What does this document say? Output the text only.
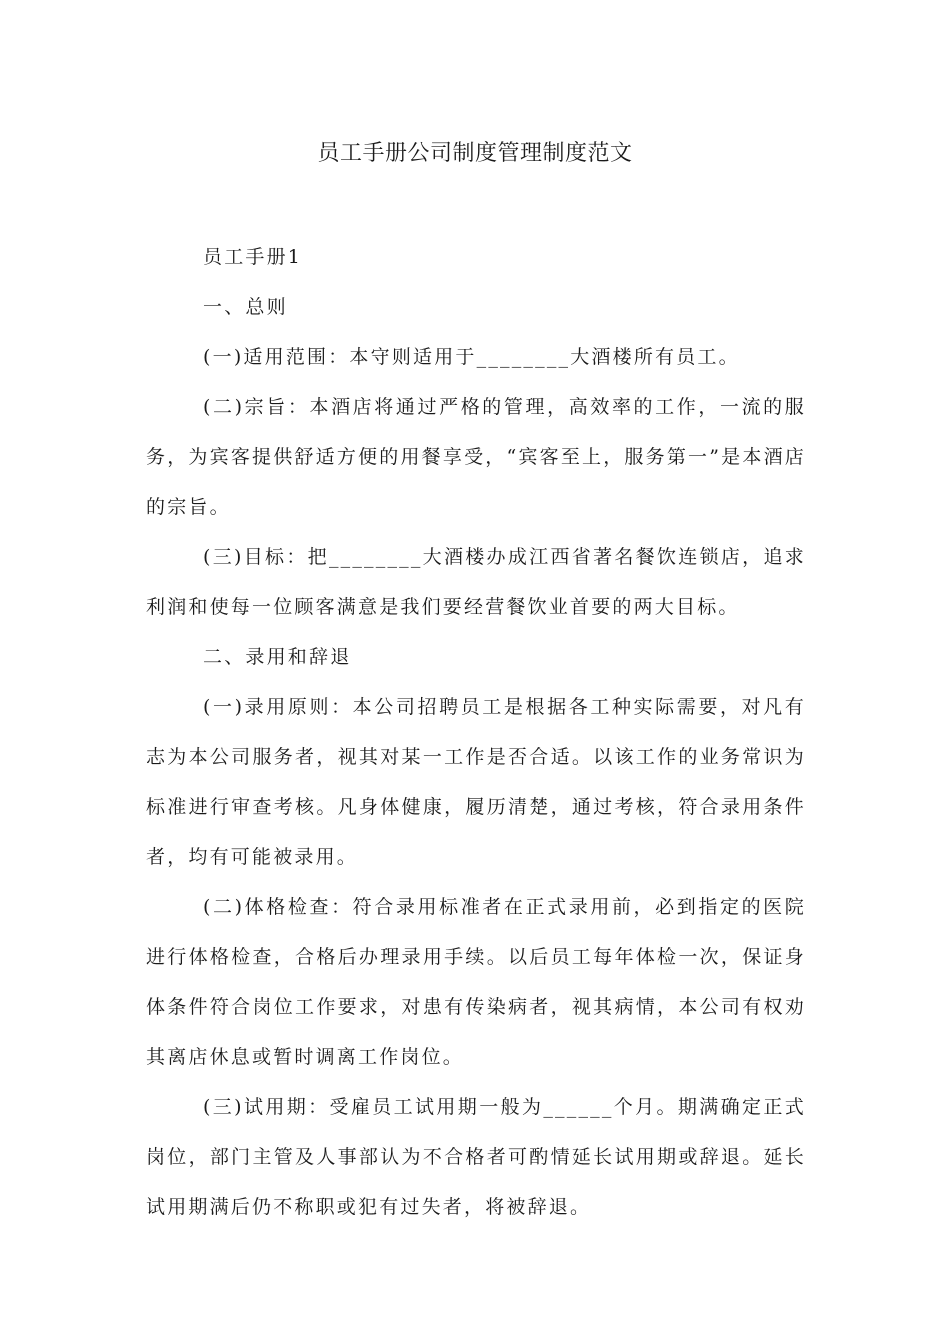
员工手册公司制度管理制度范文

员工手册1

一、总则

(一)适用范围：本守则适用于________大酒楼所有员工。

(二)宗旨：本酒店将通过严格的管理，高效率的工作，一流的服务，为宾客提供舒适方便的用餐享受，“宾客至上，服务第一”是本酒店的宗旨。

(三)目标：把________大酒楼办成江西省著名餐饮连锁店，追求利润和使每一位顾客满意是我们要经营餐饮业首要的两大目标。

二、录用和辞退

(一)录用原则：本公司招聘员工是根据各工种实际需要，对凡有志为本公司服务者，视其对某一工作是否合适。以该工作的业务常识为标准进行审查考核。凡身体健康，履历清楚，通过考核，符合录用条件者，均有可能被录用。

(二)体格检查：符合录用标准者在正式录用前，必到指定的医院进行体格检查，合格后办理录用手续。以后员工每年体检一次，保证身体条件符合岗位工作要求，对患有传染病者，视其病情，本公司有权劝其离店休息或暂时调离工作岗位。

(三)试用期：受雇员工试用期一般为______个月。期满确定正式岗位，部门主管及人事部认为不合格者可酌情延长试用期或辞退。延长试用期满后仍不称职或犯有过失者，将被辞退。
